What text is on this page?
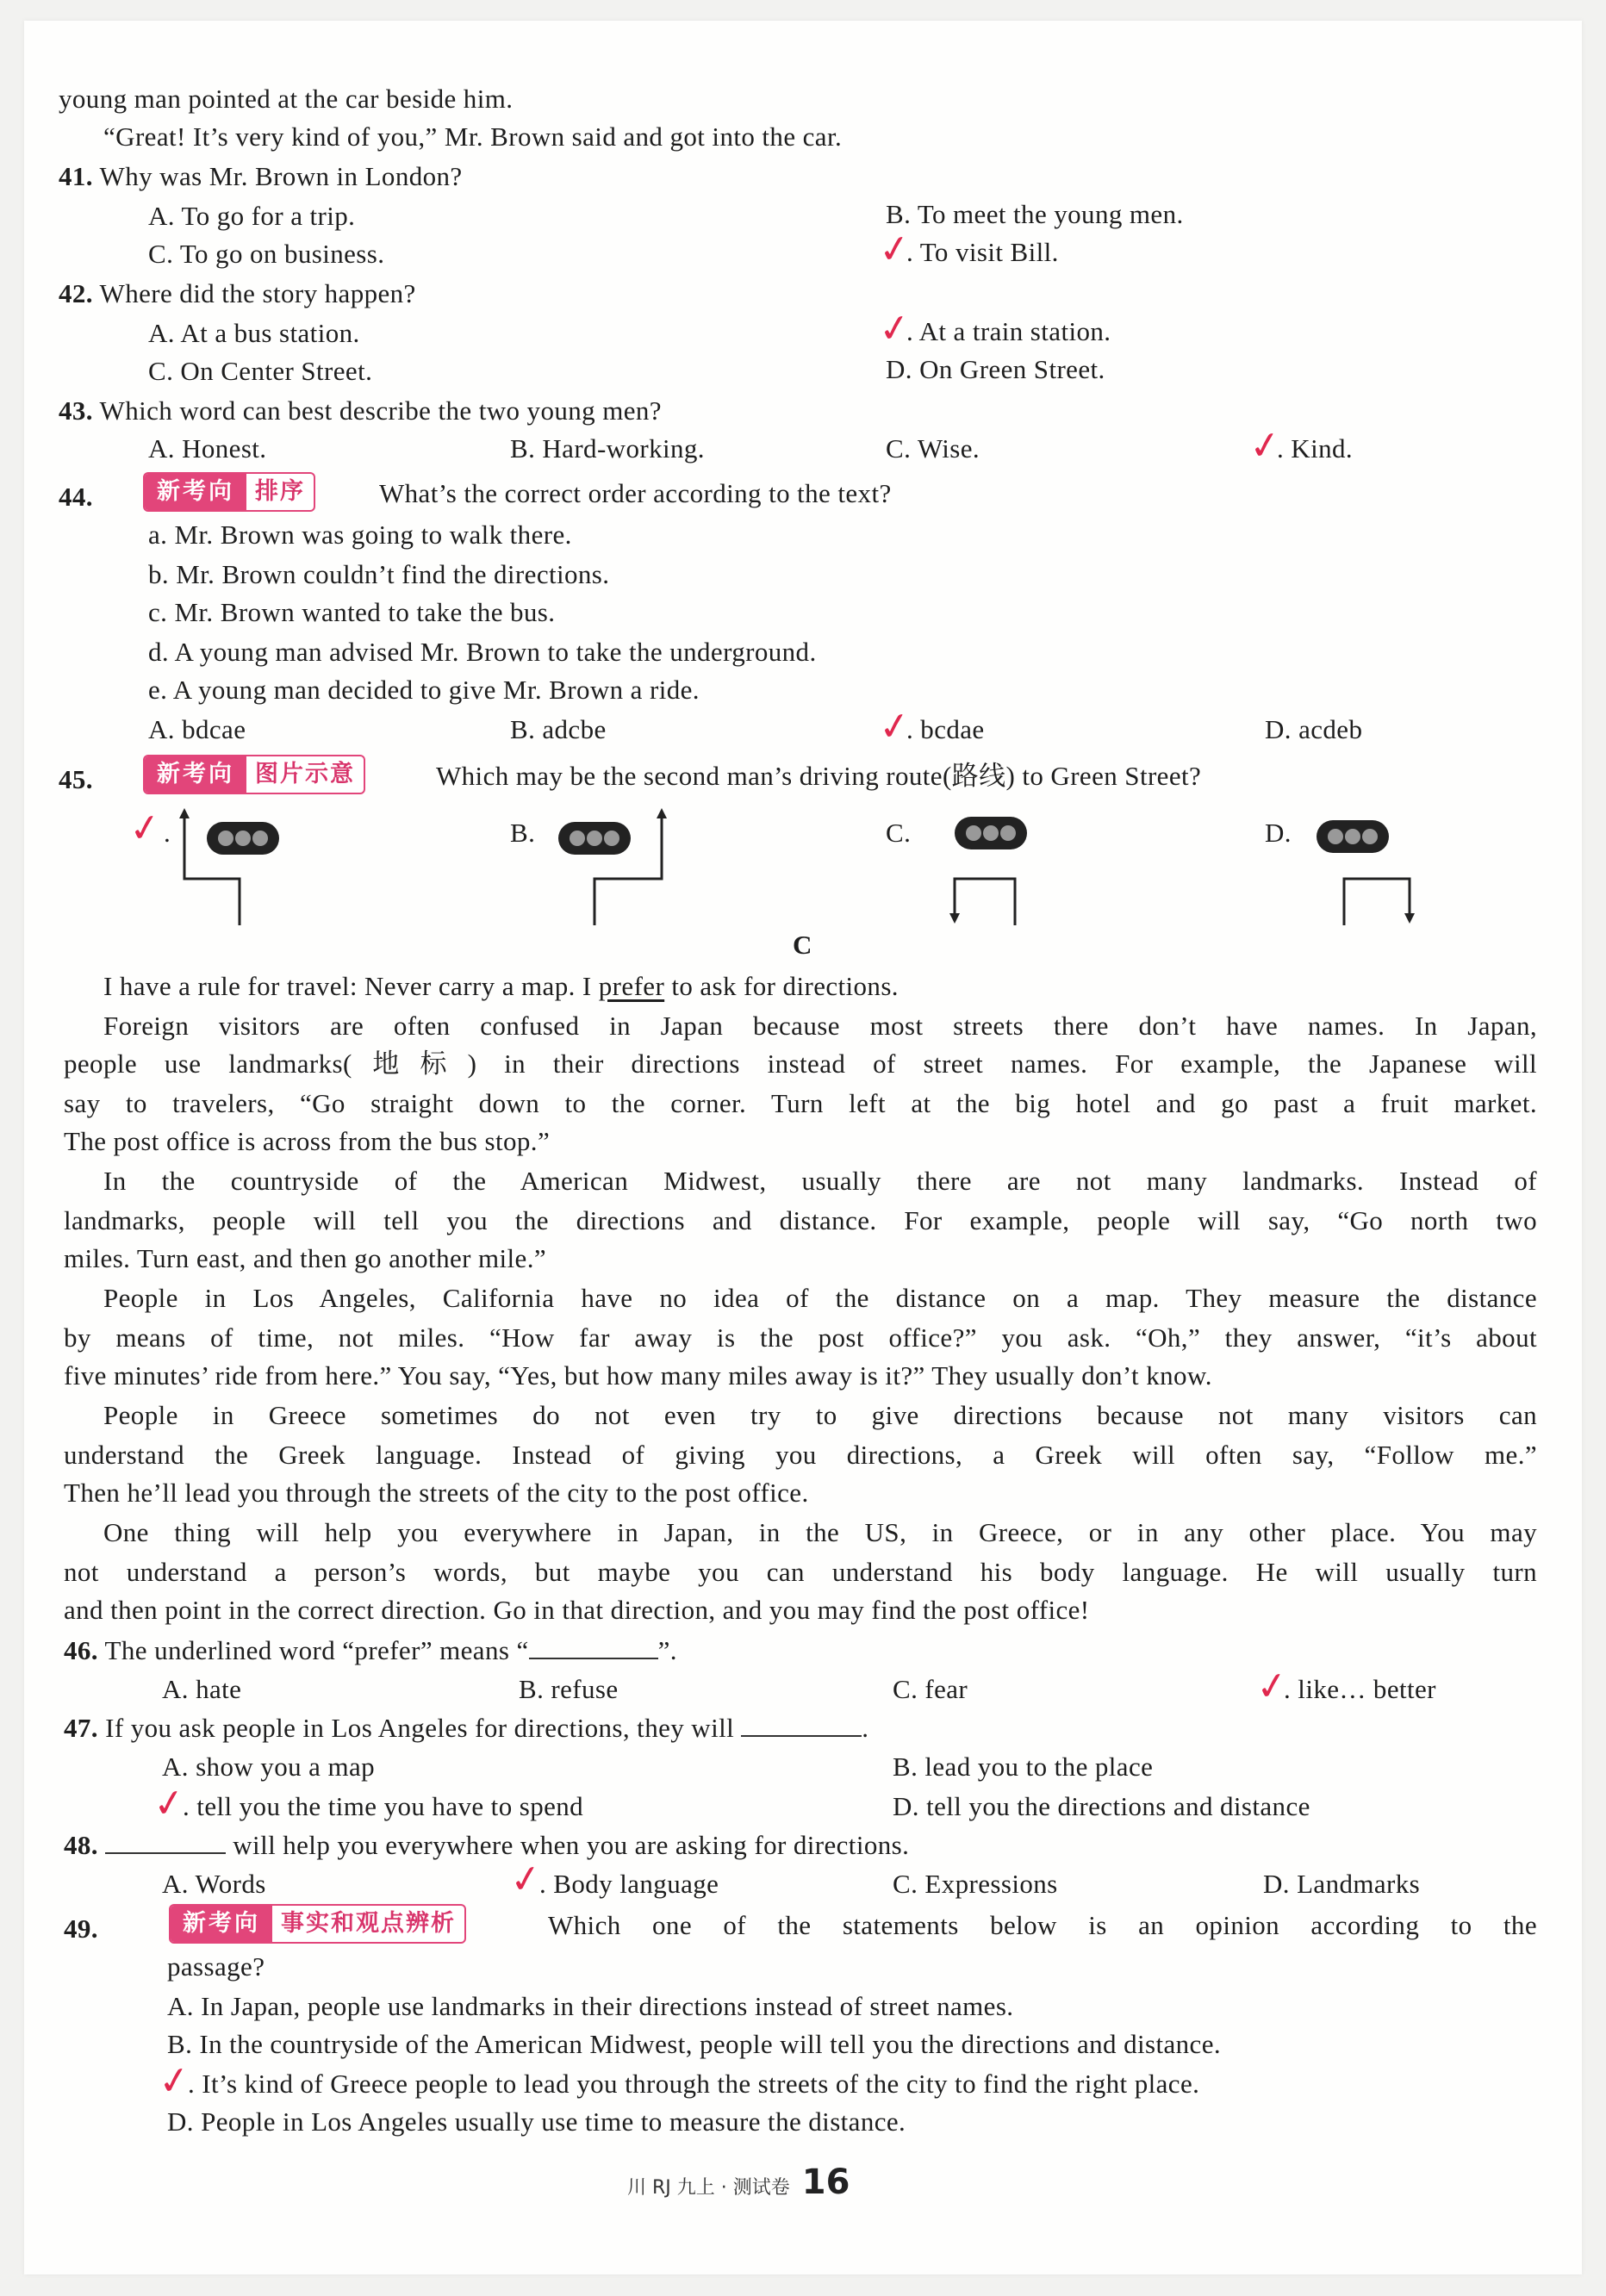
young man pointed at the car beside him.
“Great! It’s very kind of you,” Mr. Brown said and got into the car.
41. Why was Mr. Brown in London?
A. To go for a trip.	B. To meet the young men.
C. To go on business.	✓
. To visit Bill.
42. Where did the story happen?
A. At a bus station.	✓
. At a train station.
C. On Center Street.	D. On Green Street.
43. Which word can best describe the two young men?
A. Honest.	B. Hard-working.	C. Wise.	✓
. Kind.
44.	新考向 排序	What’s the correct order according to the text?
a. Mr. Brown was going to walk there.
b. Mr. Brown couldn’t find the directions.
c. Mr. Brown wanted to take the bus.
d. A young man advised Mr. Brown to take the underground.
e. A young man decided to give Mr. Brown a ride.
A. bdcae	B. adcbe	✓
. bcdae	D. acdeb
45.	新考向 图片示意	Which may be the second man’s driving route(路线) to Green Street?
✓ .	B.	C.	D.
C
I have a rule for travel: Never carry a map. I prefer to ask for directions.
Foreign visitors are often confused in Japan because most streets there don’t have names. In Japan,
people use landmarks(地标) in their directions instead of street names. For example, the Japanese will
say to travelers, “Go straight down to the corner. Turn left at the big hotel and go past a fruit market.
The post office is across from the bus stop.”
In the countryside of the American Midwest, usually there are not many landmarks. Instead of
landmarks, people will tell you the directions and distance. For example, people will say, “Go north two
miles. Turn east, and then go another mile.”
People in Los Angeles, California have no idea of the distance on a map. They measure the distance
by means of time, not miles. “How far away is the post office?” you ask. “Oh,” they answer, “it’s about
five minutes’ ride from here.” You say, “Yes, but how many miles away is it?” They usually don’t know.
People in Greece sometimes do not even try to give directions because not many visitors can
understand the Greek language. Instead of giving you directions, a Greek will often say, “Follow me.”
Then he’ll lead you through the streets of the city to the post office.
One thing will help you everywhere in Japan, in the US, in Greece, or in any other place. You may
not understand a person’s words, but maybe you can understand his body language. He will usually turn
and then point in the correct direction. Go in that direction, and you may find the post office!
46. The underlined word “prefer” means “	”.
A. hate	B. refuse	C. fear	✓
. like… better
47. If you ask people in Los Angeles for directions, they will	.
A. show you a map	B. lead you to the place
✓
. tell you the time you have to spend	D. tell you the directions and distance
48.	will help you everywhere when you are asking for directions.
A. Words	✓
. Body language	C. Expressions	D. Landmarks
49.	新考向 事实和观点辨析	Which one of the statements below is an opinion according to the
passage?
A. In Japan, people use landmarks in their directions instead of street names.
B. In the countryside of the American Midwest, people will tell you the directions and distance.
✓
. It’s kind of Greece people to lead you through the streets of the city to find the right place.
D. People in Los Angeles usually use time to measure the distance.
川 RJ 九上 · 测试卷 16
